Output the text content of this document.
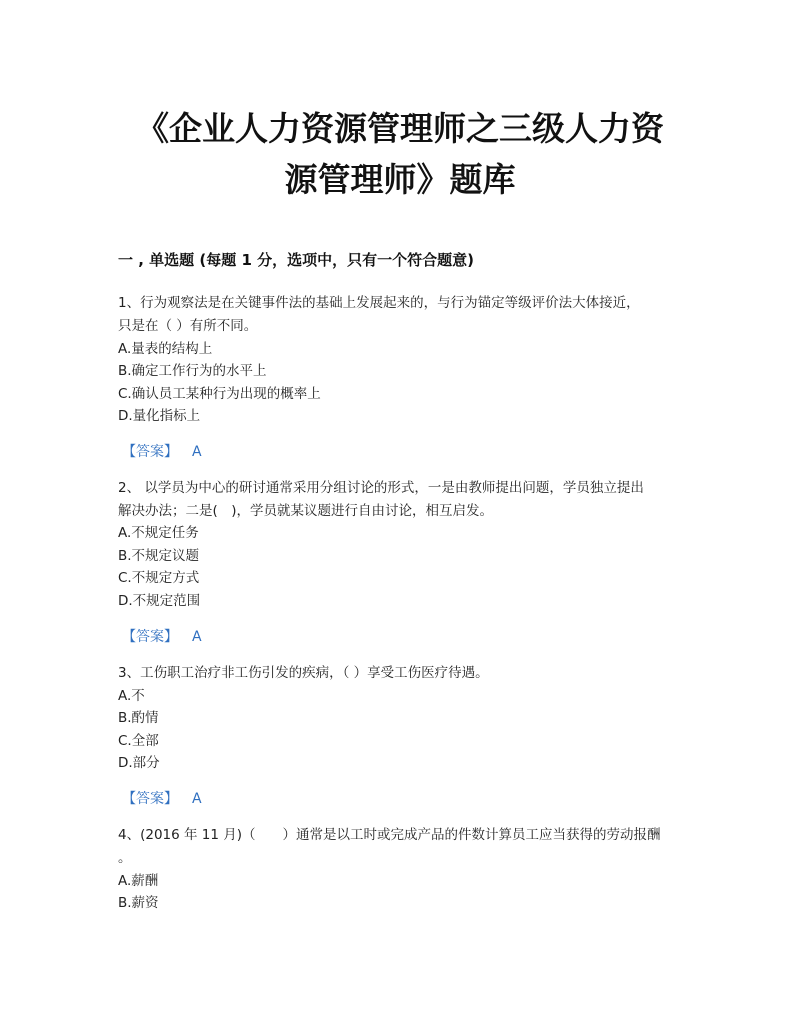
《企业人力资源管理师之三级人力资
源管理师》题库
一 , 单选题 (每题 1 分，选项中，只有一个符合题意)
1、行为观察法是在关键事件法的基础上发展起来的，与行为锚定等级评价法大体接近，
只是在（ ）有所不同。
A.量表的结构上
B.确定工作行为的水平上
C.确认员工某种行为出现的概率上
D.量化指标上
【答案】 A
2、 以学员为中心的研讨通常采用分组讨论的形式，一是由教师提出问题，学员独立提出
解决办法；二是(　)，学员就某议题进行自由讨论，相互启发。
A.不规定任务
B.不规定议题
C.不规定方式
D.不规定范围
【答案】 A
3、工伤职工治疗非工伤引发的疾病，（ ）享受工伤医疗待遇。
A.不
B.酌情
C.全部
D.部分
【答案】 A
4、(2016 年 11 月)（　　）通常是以工时或完成产品的件数计算员工应当获得的劳动报酬
。
A.薪酬
B.薪资
